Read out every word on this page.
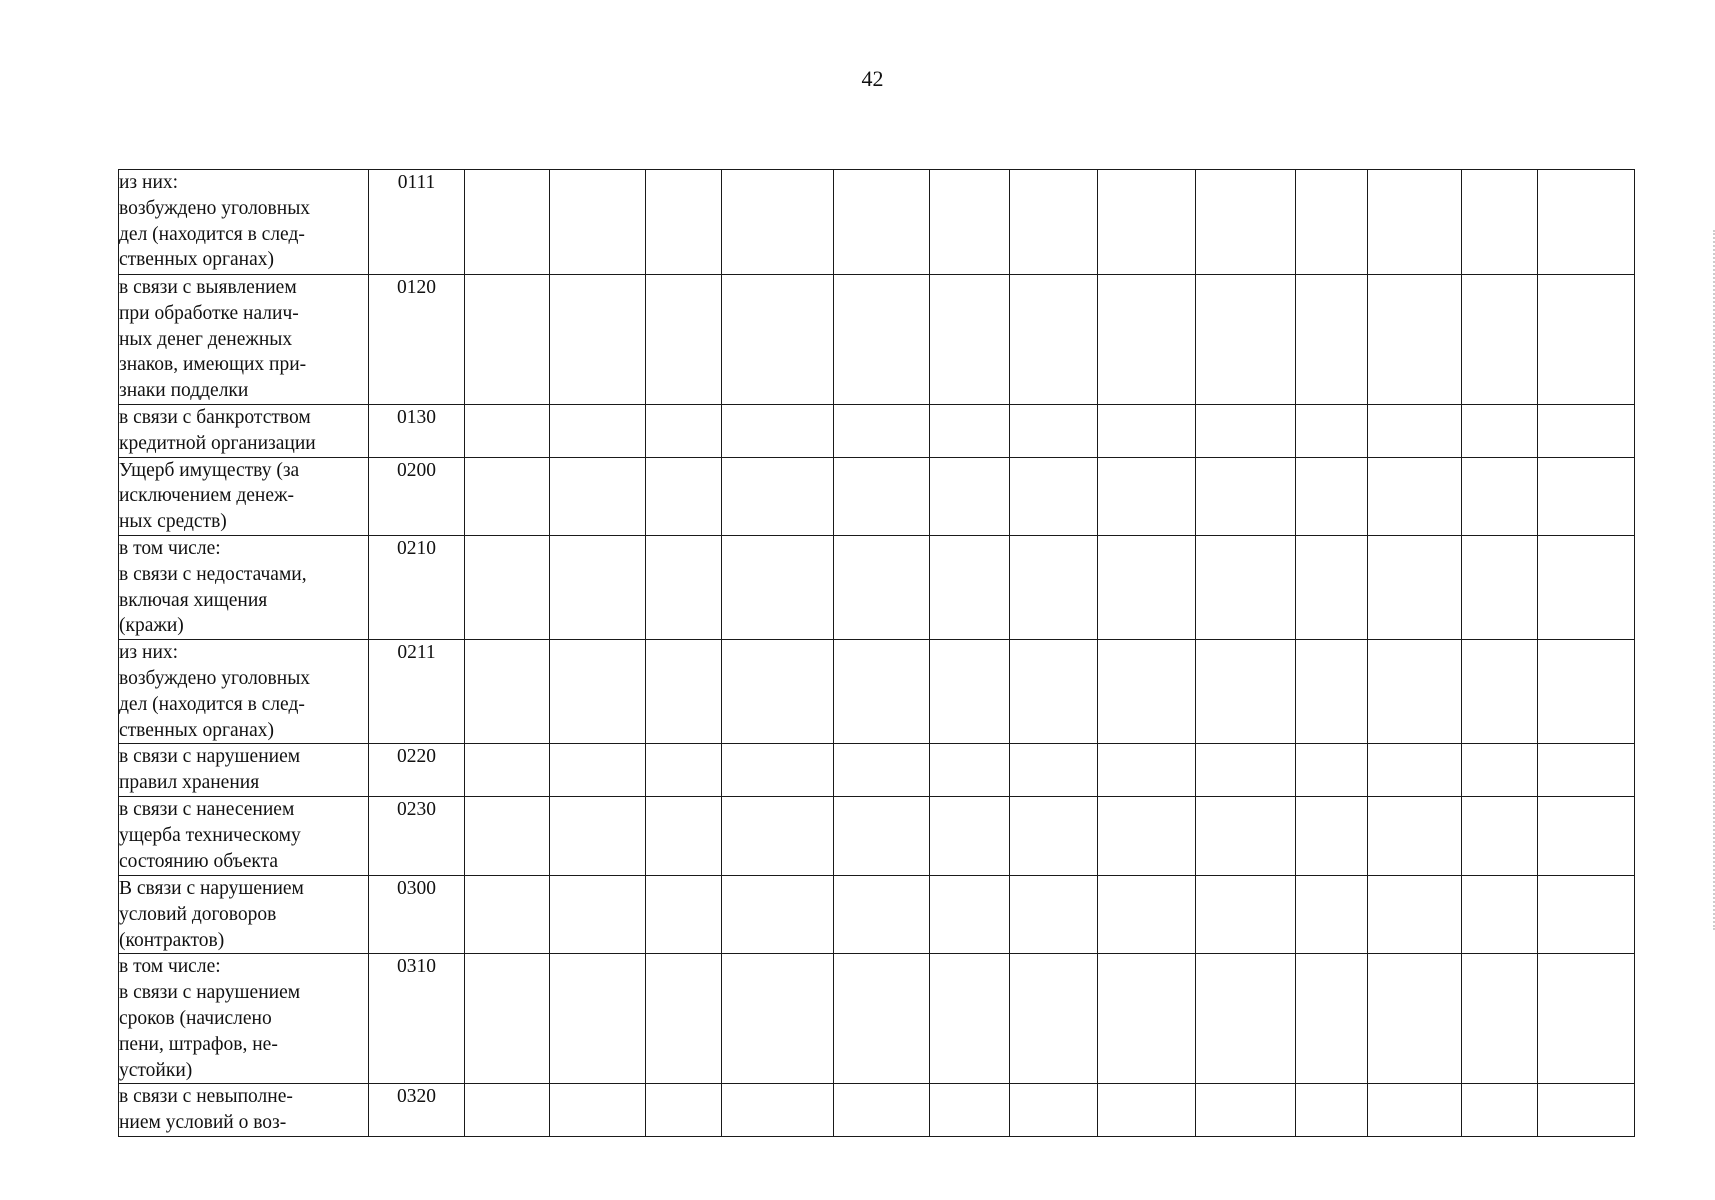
42
из них:
возбуждено уголовных
дел (находится в след-
ственных органах)	0111														
в связи с выявлением
при обработке налич-
ных денег денежных
знаков, имеющих при-
знаки подделки	0120														
в связи с банкротством
кредитной организации	0130														
Ущерб имуществу (за
исключением денеж-
ных средств)	0200														
в том числе:
в связи с недостачами,
включая хищения
(кражи)	0210														
из них:
возбуждено уголовных
дел (находится в след-
ственных органах)	0211														
в связи с нарушением
правил хранения	0220														
в связи с нанесением
ущерба техническому
состоянию объекта	0230														
В связи с нарушением
условий договоров
(контрактов)	0300														
в том числе:
в связи с нарушением
сроков (начислено
пени, штрафов, не-
устойки)	0310														
в связи с невыполне-
нием условий о воз-	0320														
